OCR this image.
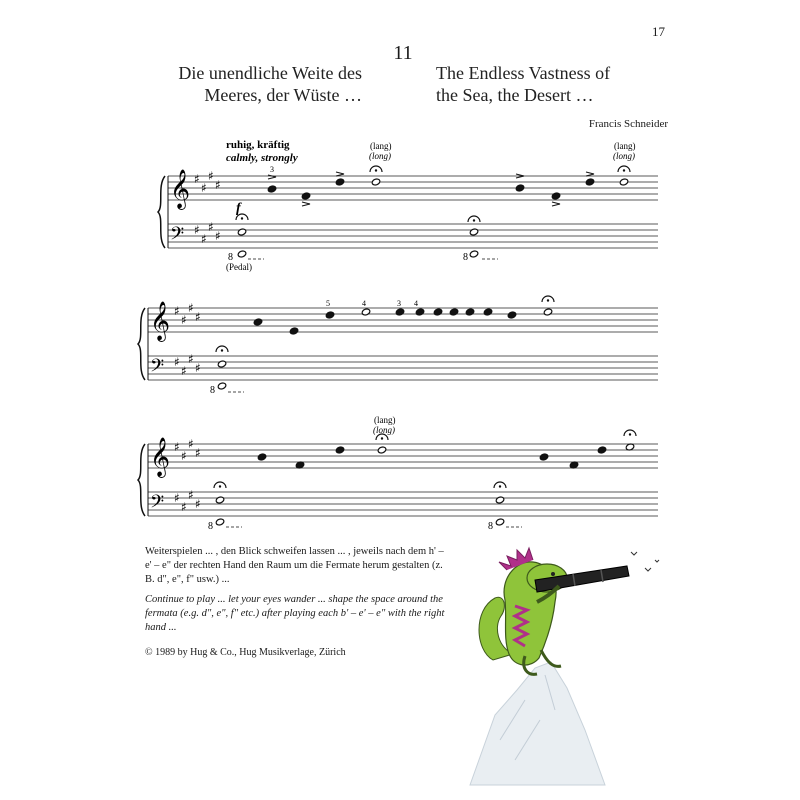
17
11
Die unendliche Weite des
Meeres, der Wüste …
The Endless Vastness of
the Sea, the Desert …
Francis Schneider
ruhig, kräftig
calmly, strongly
(lang)
(long)
(lang)
(long)
(lang)
(long)
f
8	8
8
8	8
(Pedal)
3
5	4	3 4
𝄞
𝄢
♯
♯
♯
♯
♯
♯
♯
♯
𝄞
𝄢
♯
♯
♯
♯
♯
♯
♯
♯
𝄞
𝄢
♯
♯
♯
♯
♯
♯
♯
♯
Weiterspielen ... , den Blick schweifen lassen ... , jeweils nach dem h' – e' – e" der rechten Hand den Raum um die Fermate herum gestalten (z. B. d", e", f" usw.) ...
Continue to play ... let your eyes wander ... shape the space around the fermata (e.g. d", e", f" etc.) after playing each b' – e' – e" with the right hand ...
© 1989 by Hug & Co., Hug Musikverlage, Zürich
